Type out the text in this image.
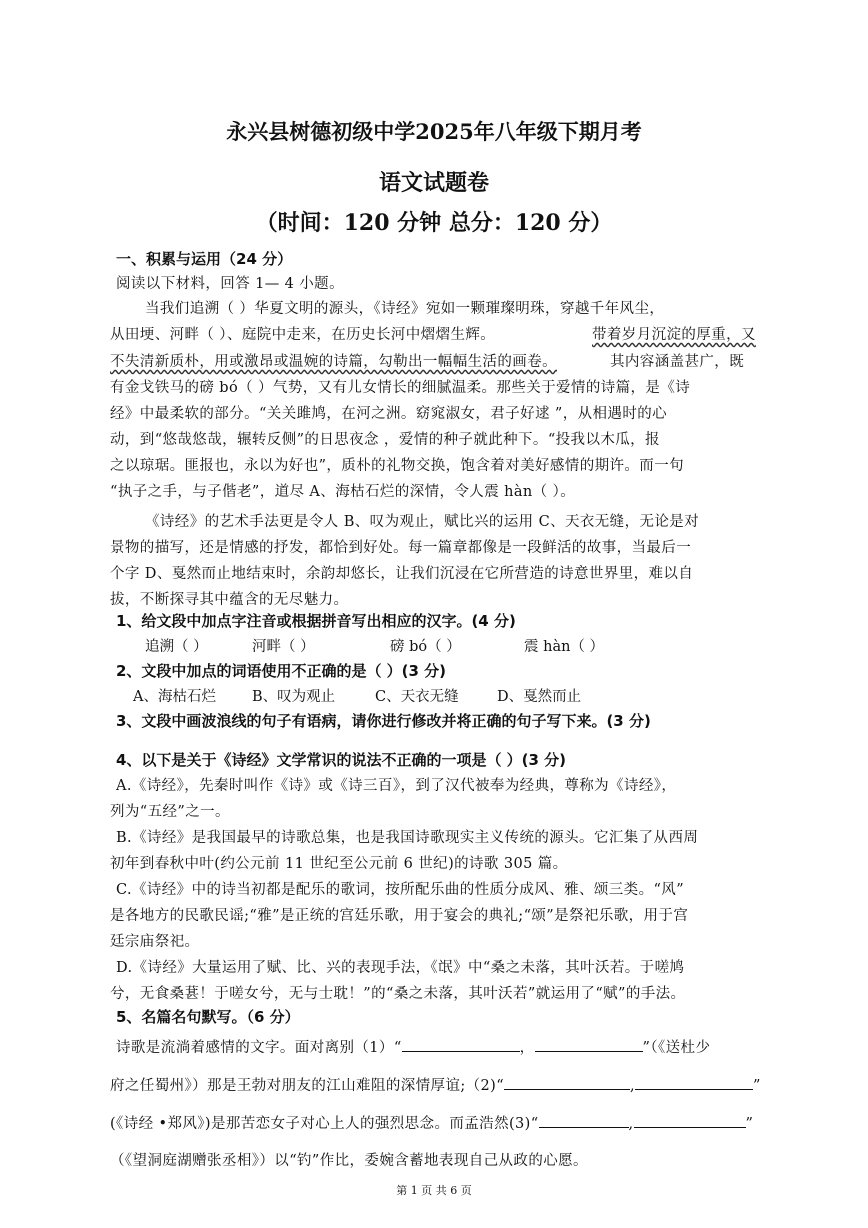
永兴县树德初级中学2025年八年级下期月考
语文试题卷
（时间：120 分钟 总分：120 分）
一、积累与运用（24 分）
阅读以下材料，回答 1— 4 小题。
当我们追溯（ ）华夏文明的源头，《诗经》宛如一颗璀璨明珠，穿越千年风尘，
从田埂、河畔（ ）、庭院中走来，在历史长河中熠熠生辉。	带着岁月沉淀的厚重，又
不失清新质朴，用或激昂或温婉的诗篇，勾勒出一幅幅生活的画卷。	其内容涵盖甚广，既
有金戈铁马的磅 bó（ ）气势，又有儿女情长的细腻温柔。那些关于爱情的诗篇，是《诗
经》中最柔软的部分。“关关雎鸠，在河之洲。窈窕淑女，君子好逑 ”，从相遇时的心
动，到“悠哉悠哉，辗转反侧”的日思夜念 ，爱情的种子就此种下。“投我以木瓜，报
之以琼琚。匪报也，永以为好也”，质朴的礼物交换，饱含着对美好感情的期许。而一句
“执子之手，与子偕老”，道尽 A、海枯石烂的深情，令人震 hàn（ ）。
《诗经》的艺术手法更是令人 B、叹为观止，赋比兴的运用 C、天衣无缝，无论是对
景物的描写，还是情感的抒发，都恰到好处。每一篇章都像是一段鲜活的故事，当最后一
个字 D、戛然而止地结束时，余韵却悠长，让我们沉浸在它所营造的诗意世界里，难以自
拔，不断探寻其中蕴含的无尽魅力。
1、给文段中加点字注音或根据拼音写出相应的汉字。(4 分)
追溯（ ）	河畔（ ）	磅 bó（ ）	震 hàn（ ）
2、文段中加点的词语使用不正确的是（ ）(3 分)
A、海枯石烂 B、叹为观止	C、天衣无缝	D、戛然而止
3、文段中画波浪线的句子有语病，请你进行修改并将正确的句子写下来。(3 分)
4、以下是关于《诗经》文学常识的说法不正确的一项是（ ）(3 分)
A.《诗经》，先秦时叫作《诗》或《诗三百》，到了汉代被奉为经典，尊称为《诗经》，
列为“五经”之一。
B.《诗经》是我国最早的诗歌总集，也是我国诗歌现实主义传统的源头。它汇集了从西周
初年到春秋中叶(约公元前 11 世纪至公元前 6 世纪)的诗歌 305 篇。
C.《诗经》中的诗当初都是配乐的歌词，按所配乐曲的性质分成风、雅、颂三类。“风”
是各地方的民歌民谣;“雅”是正统的宫廷乐歌，用于宴会的典礼;“颂”是祭祀乐歌，用于宫
廷宗庙祭祀。
D.《诗经》大量运用了赋、比、兴的表现手法，《氓》中“桑之未落，其叶沃若。于嗟鸠
兮，无食桑葚！于嗟女兮，无与士耽！”的“桑之未落，其叶沃若”就运用了“赋”的手法。
5、名篇名句默写。（6 分）
诗歌是流淌着感情的文字。面对离别（1）“	，	”（《送杜少
府之任蜀州》）那是王勃对朋友的江山难阻的深情厚谊;（2)“	,	”
(《诗经 •郑风》)是那苦恋女子对心上人的强烈思念。而孟浩然(3)“	,	”
（《望洞庭湖赠张丞相》）以“钓”作比，委婉含蓄地表现自己从政的心愿。
第 1 页 共 6 页
